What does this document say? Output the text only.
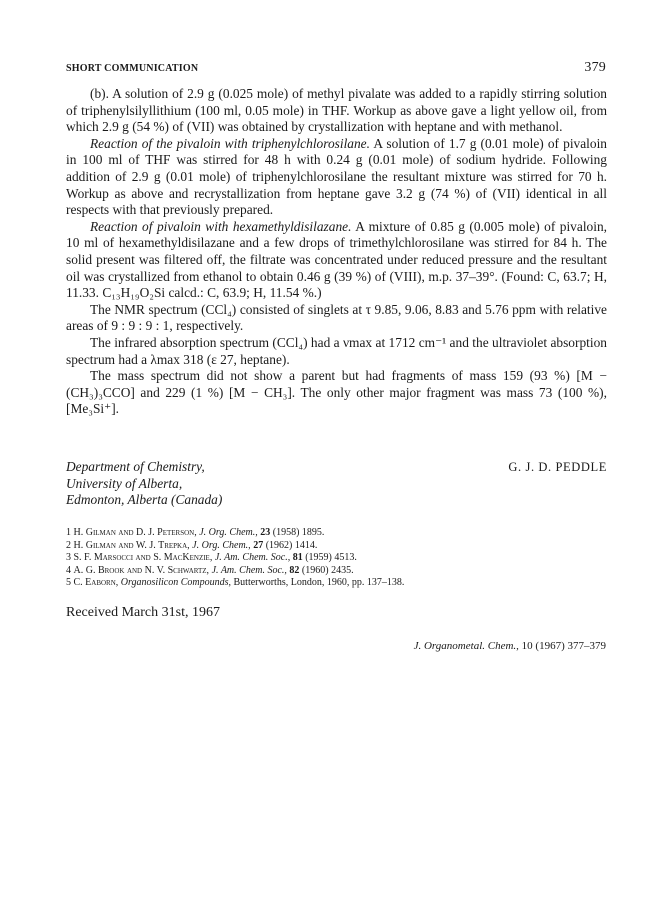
SHORT COMMUNICATION	379

(b). A solution of 2.9 g (0.025 mole) of methyl pivalate was added to a rapidly stirring solution of triphenylsilyllithium (100 ml, 0.05 mole) in THF. Workup as above gave a light yellow oil, from which 2.9 g (54 %) of (VII) was obtained by crystallization with heptane and with methanol.

Reaction of the pivaloin with triphenylchlorosilane. A solution of 1.7 g (0.01 mole) of pivaloin in 100 ml of THF was stirred for 48 h with 0.24 g (0.01 mole) of sodium hydride. Following addition of 2.9 g (0.01 mole) of triphenylchlorosilane the resultant mixture was stirred for 70 h. Workup as above and recrystallization from heptane gave 3.2 g (74 %) of (VII) identical in all respects with that previously prepared.

Reaction of pivaloin with hexamethyldisilazane. A mixture of 0.85 g (0.005 mole) of pivaloin, 10 ml of hexamethyldisilazane and a few drops of trimethylchlorosilane was stirred for 84 h. The solid present was filtered off, the filtrate was concentrated under reduced pressure and the resultant oil was crystallized from ethanol to obtain 0.46 g (39 %) of (VIII), m.p. 37–39°. (Found: C, 63.7; H, 11.33. C₁₃H₁₉O₂Si calcd.: C, 63.9; H, 11.54 %.)

The NMR spectrum (CCl₄) consisted of singlets at τ 9.85, 9.06, 8.83 and 5.76 ppm with relative areas of 9 : 9 : 9 : 1, respectively.

The infrared absorption spectrum (CCl₄) had a νmax at 1712 cm⁻¹ and the ultraviolet absorption spectrum had a λmax 318 (ε 27, heptane).

The mass spectrum did not show a parent but had fragments of mass 159 (93 %) [M − (CH₃)₃CCO] and 229 (1 %) [M − CH₃]. The only other major fragment was mass 73 (100 %), [Me₃Si⁺].

Department of Chemistry,
University of Alberta,
Edmonton, Alberta (Canada)
G. J. D. PEDDLE
1 H. Gilman and D. J. Peterson, J. Org. Chem., 23 (1958) 1895.
2 H. Gilman and W. J. Trepka, J. Org. Chem., 27 (1962) 1414.
3 S. F. Marsocci and S. MacKenzie, J. Am. Chem. Soc., 81 (1959) 4513.
4 A. G. Brook and N. V. Schwartz, J. Am. Chem. Soc., 82 (1960) 2435.
5 C. Eaborn, Organosilicon Compounds, Butterworths, London, 1960, pp. 137–138.
Received March 31st, 1967
J. Organometal. Chem., 10 (1967) 377–379
